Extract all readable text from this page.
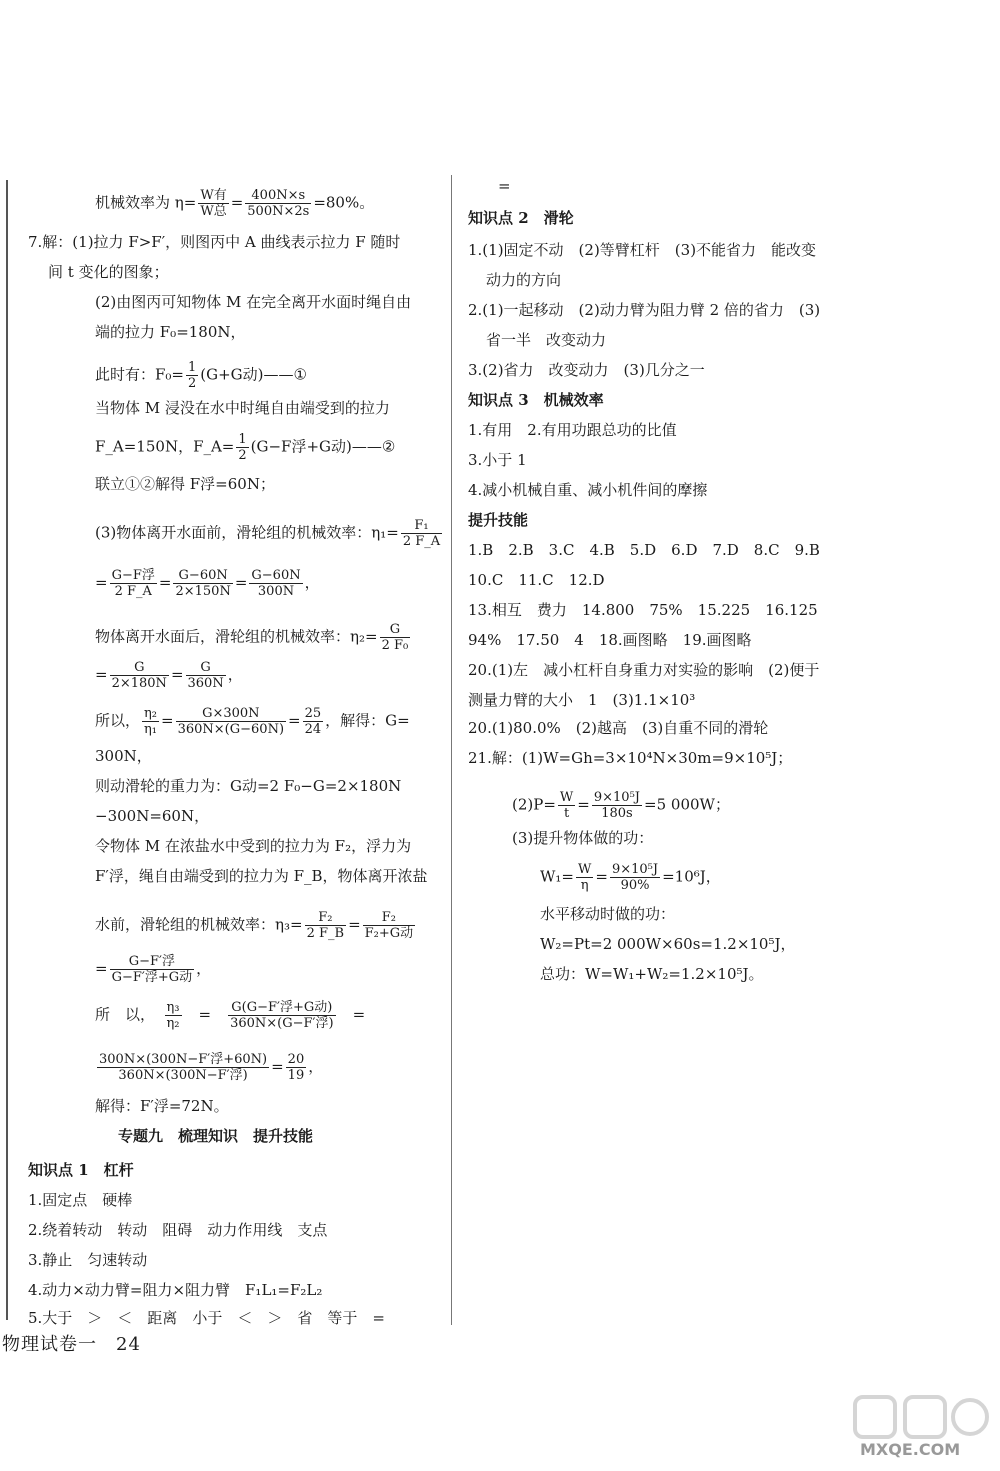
机械效率为 $\eta= \frac{\text{W有}}{\text{W总}} = \frac{400N\times s}{500N\times 2s} =80\%$。
7.解：(1)拉力 F>F′，则图丙中 A 曲线表示拉力 F 随时
间 t 变化的图象；
(2)由图丙可知物体 M 在完全离开水面时绳自由
端的拉力 F₀=180N，
此时有：$F_0= \frac{1}{2} (G+G$动)——①
当物体 M 浸没在水中时绳自由端受到的拉力
F_A=150N，F_A= $\frac{1}{2} (G-F$浮+G动)——②
联立①②解得 F浮=60N；
(3)物体离开水面前，滑轮组的机械效率：$\eta_1= \frac{\text{F₁}}{2 F\_A}$
= $\frac{\text{G−F浮}}{2 F\_A} = \frac{G-60N}{2\times 150N} = \frac{G-60N}{300N}$ ，
物体离开水面后，滑轮组的机械效率：$\eta_2= \frac{G}{\text{2 F₀}}$
= $\frac{G}{2\times 180N} = \frac{G}{360N}$ ，
所以， $\frac{\text{η₂}}{\text{η₁}} = \frac{G\times 300N}{360N\times(G-60N)} = \frac{25}{24}$ ，解得：G=
300N，
则动滑轮的重力为：G动=2 F₀−G=2×180N
−300N=60N，
令物体 M 在浓盐水中受到的拉力为 F₂，浮力为
F′浮，绳自由端受到的拉力为 F_B，物体离开浓盐
水前，滑轮组的机械效率：$\eta_3= \frac{\text{F₂}}{2 F\_B} = \frac{\text{F₂}}{\text{F₂+G动}}$
= $\frac{\text{G−F′浮}}{\text{G−F′浮+G动}}$ ，
所　以，　 $\frac{\text{η₃}}{\text{η₂}}$ 　=　 $\frac{\text{G(G−F′浮+G动)}}{\text{360N×(G−F′浮)}}$ 　=
$\frac{\text{300N×(300N−F′浮+60N)}}{\text{360N×(300N−F′浮)}} = \frac{20}{19}$ ，
解得：F′浮=72N。
专题九　梳理知识　提升技能
知识点 1　杠杆
1.固定点　硬棒
2.绕着转动　转动　阻碍　动力作用线　支点
3.静止　匀速转动
4.动力×动力臂=阻力×阻力臂　F₁L₁=F₂L₂
5.大于　＞　＜　距离　小于　＜　＞　省　等于　=
=
知识点 2　滑轮
1.(1)固定不动　(2)等臂杠杆　(3)不能省力　能改变
动力的方向
2.(1)一起移动　(2)动力臂为阻力臂 2 倍的省力　(3)
省一半　改变动力
3.(2)省力　改变动力　(3)几分之一
知识点 3　机械效率
1.有用　2.有用功跟总功的比值
3.小于 1
4.减小机械自重、减小机件间的摩擦
提升技能
1.B　2.B　3.C　4.B　5.D　6.D　7.D　8.C　9.B
10.C　11.C　12.D
13.相互　费力　14.800　75%　15.225　16.125
94%　17.50　4　18.画图略　19.画图略
20.(1)左　减小杠杆自身重力对实验的影响　(2)便于
测量力臂的大小　1　(3)1.1×10³
20.(1)80.0%　(2)越高　(3)自重不同的滑轮
21.解：(1)W=Gh=3×10⁴N×30m=9×10⁵J；
$(2)P= \frac{W}{t} = \frac{\text{9×10⁵J}}{180s} =5$ 000W；
(3)提升物体做的功：
$W_1= \frac{W}{\eta} = \frac{\text{9×10⁵J}}{90\%} =10^6J$，
水平移动时做的功：
W₂=Pt=2 000W×60s=1.2×10⁵J，
总功：W=W₁+W₂=1.2×10⁵J。
物理试卷一　24
MXQE.COM
